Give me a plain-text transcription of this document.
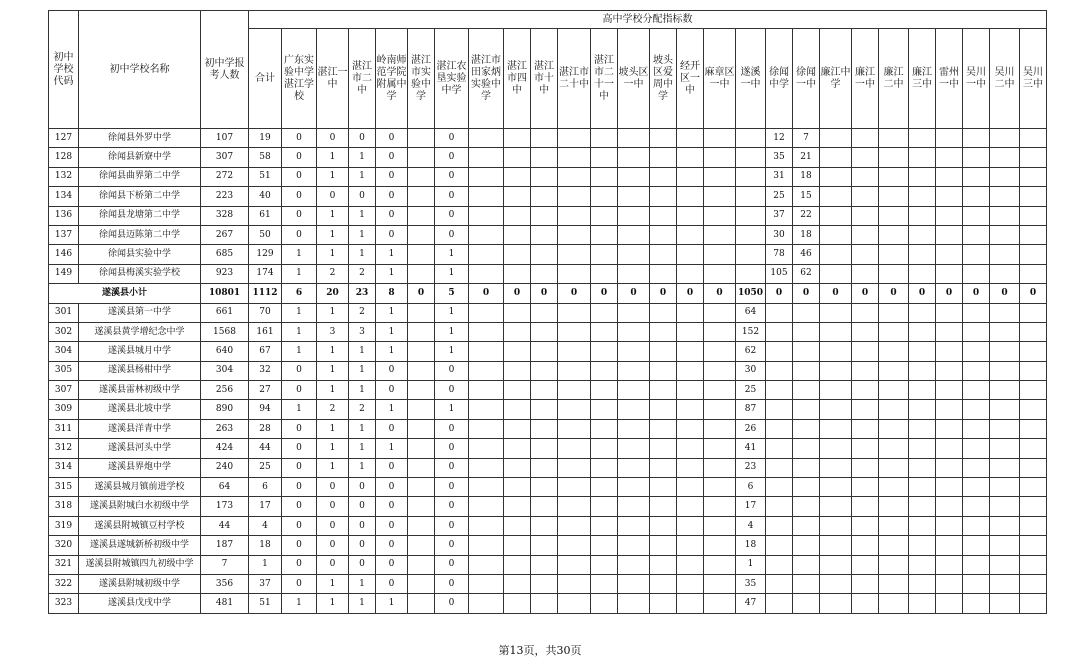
初中学校代码	初中学校名称	初中学报考人数	高中学校分配指标数																										
			合计	广东实验中学湛江学校	湛江一中	湛江市二中	岭南师范学院附属中学	湛江市实验中学	湛江农垦实验中学	湛江市田家炳实验中学	湛江市四中	湛江市十中	湛江市二十中	湛江市二十一中	坡头区一中	坡头区爱周中学	经开区一中	麻章区一中	遂溪一中	徐闻中学	徐闻一中	廉江中学	廉江一中	廉江二中	廉江三中	雷州一中	吴川一中	吴川二中	吴川三中
127	徐闻县外罗中学	107	19	0	0	0	0		0											12	7								
128	徐闻县新寮中学	307	58	0	1	1	0		0											35	21								
132	徐闻县曲界第二中学	272	51	0	1	1	0		0											31	18								
134	徐闻县下桥第二中学	223	40	0	0	0	0		0											25	15								
136	徐闻县龙塘第二中学	328	61	0	1	1	0		0											37	22								
137	徐闻县迈陈第二中学	267	50	0	1	1	0		0											30	18								
146	徐闻县实验中学	685	129	1	1	1	1		1											78	46								
149	徐闻县梅溪实验学校	923	174	1	2	2	1		1											105	62								
遂溪县小计		10801	1112	6	20	23	8	0	5	0	0	0	0	0	0	0	0	0	1050	0	0	0	0	0	0	0	0	0	0
301	遂溪县第一中学	661	70	1	1	2	1		1										64										
302	遂溪县黄学增纪念中学	1568	161	1	3	3	1		1										152										
304	遂溪县城月中学	640	67	1	1	1	1		1										62										
305	遂溪县杨柑中学	304	32	0	1	1	0		0										30										
307	遂溪县雷林初级中学	256	27	0	1	1	0		0										25										
309	遂溪县北坡中学	890	94	1	2	2	1		1										87										
311	遂溪县洋青中学	263	28	0	1	1	0		0										26										
312	遂溪县河头中学	424	44	0	1	1	1		0										41										
314	遂溪县界炮中学	240	25	0	1	1	0		0										23										
315	遂溪县城月镇前进学校	64	6	0	0	0	0		0										6										
318	遂溪县附城白水初级中学	173	17	0	0	0	0		0										17										
319	遂溪县附城镇豆村学校	44	4	0	0	0	0		0										4										
320	遂溪县遂城新桥初级中学	187	18	0	0	0	0		0										18										
321	遂溪县附城镇四九初级中学	7	1	0	0	0	0		0										1										
322	遂溪县附城初级中学	356	37	0	1	1	0		0										35										
323	遂溪县戊戌中学	481	51	1	1	1	1		0										47										
第13页，共30页
